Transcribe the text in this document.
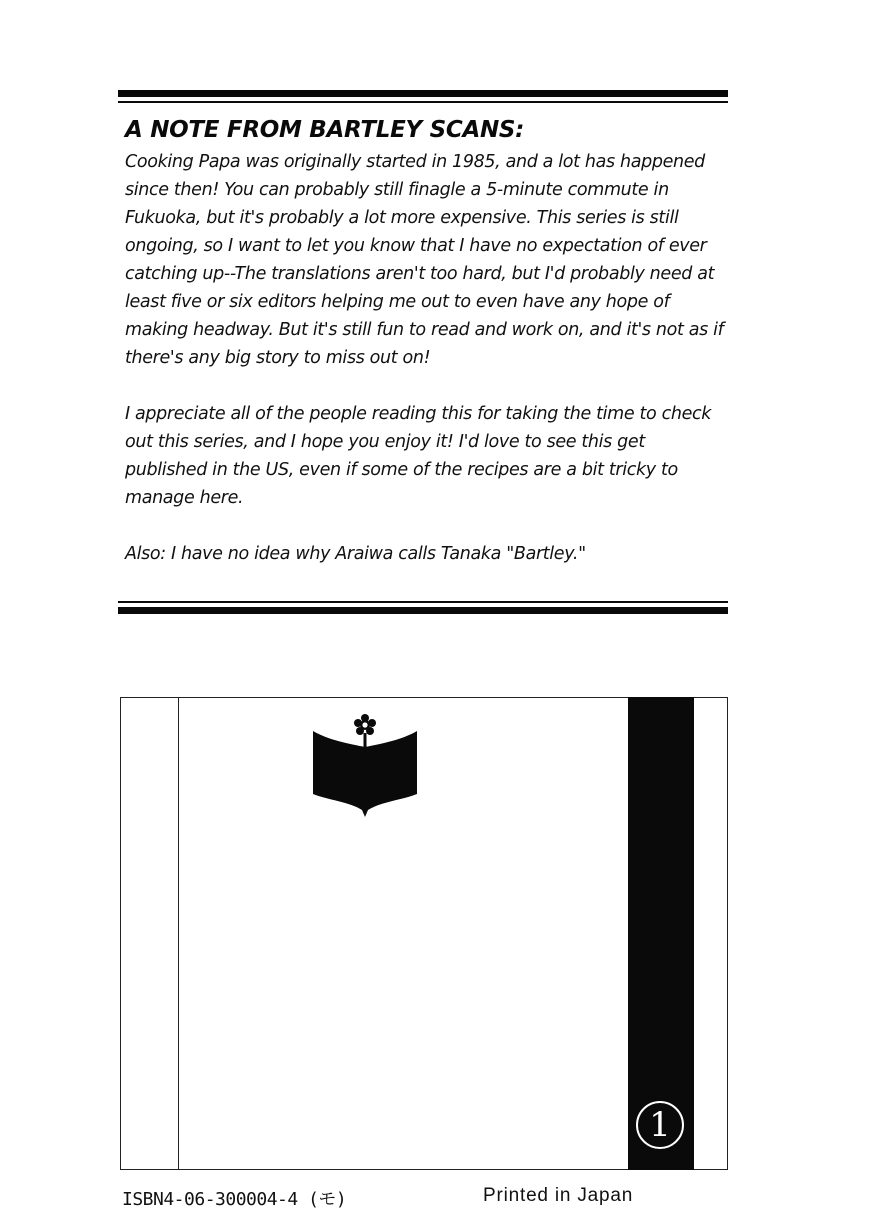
A NOTE FROM BARTLEY SCANS:

Cooking Papa was originally started in 1985, and a lot has happened since then! You can probably still finagle a 5-minute commute in Fukuoka, but it's probably a lot more expensive. This series is still ongoing, so I want to let you know that I have no expectation of ever catching up--The translations aren't too hard, but I'd probably need at least five or six editors helping me out to even have any hope of making headway. But it's still fun to read and work on, and it's not as if there's any big story to miss out on!

I appreciate all of the people reading this for taking the time to check out this series, and I hope you enjoy it! I'd love to see this get published in the US, even if some of the recipes are a bit tricky to manage here.

Also: I have no idea why Araiwa calls Tanaka "Bartley."

1
ISBN4-06-300004-4 (モ)	Printed in Japan
